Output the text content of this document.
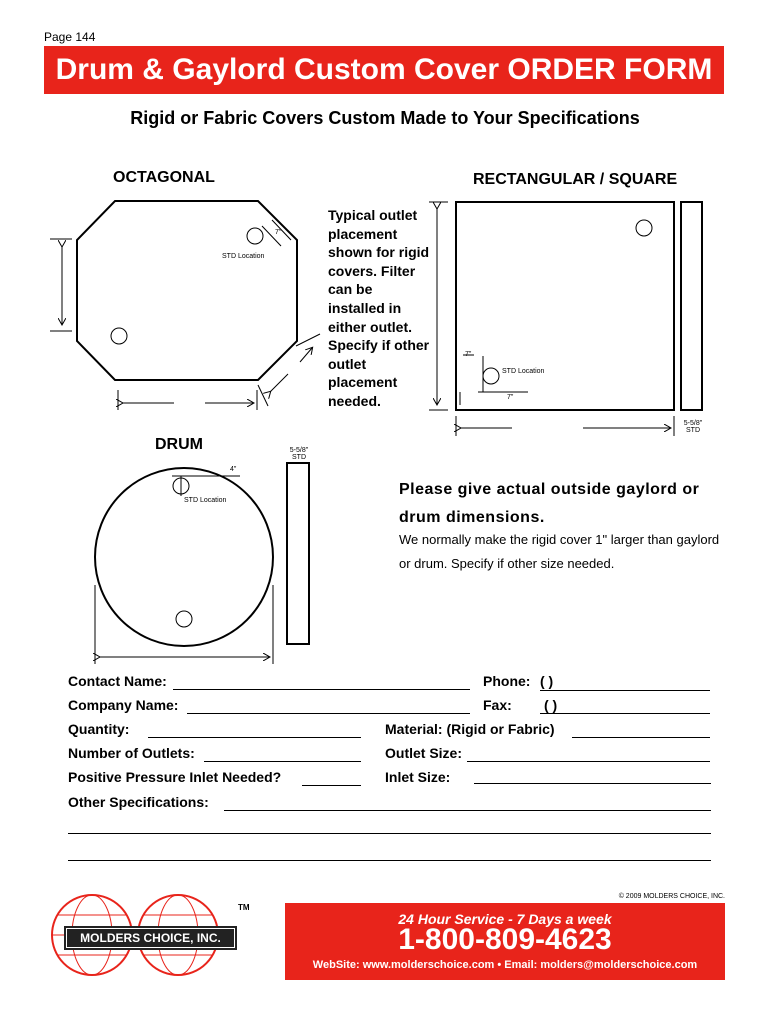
Page 144
Drum & Gaylord Custom Cover ORDER FORM
Rigid or Fabric Covers Custom Made to Your Specifications
OCTAGONAL	RECTANGULAR / SQUARE
DRUM
STD Location
7"
STD Location
7"
7"
5-5/8"
STD
STD Location
4"
5-5/8"
STD
Typical outlet placement shown for rigid covers. Filter can be installed in either outlet. Specify if other outlet placement needed.
Please give actual outside gaylord or drum dimensions.
We normally make the rigid cover 1" larger than gaylord or drum. Specify if other size needed.
Contact Name:
Company Name:
Quantity:
Number of Outlets:
Positive Pressure Inlet Needed?
Other Specifications:
Phone: ( )
Fax: ( )
Material: (Rigid or Fabric)
Outlet Size:
Inlet Size:
© 2009 MOLDERS CHOICE, INC.
MOLDERS CHOICE, INC.
TM
24 Hour Service - 7 Days a week
1-800-809-4623
WebSite: www.molderschoice.com • Email: molders@molderschoice.com
